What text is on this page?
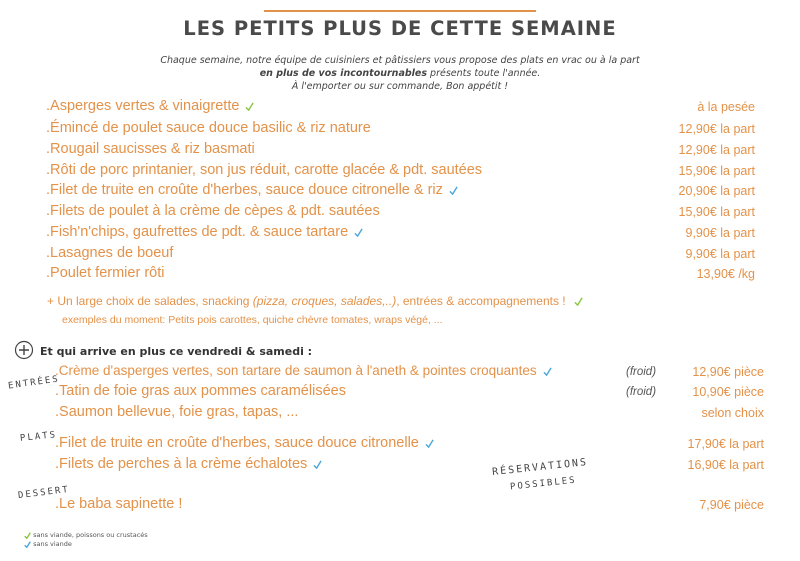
LES PETITS PLUS DE CETTE SEMAINE
Chaque semaine, notre équipe de cuisiniers et pâtissiers vous propose des plats en vrac ou à la part
en plus de vos incontournables présents toute l'année.
À l'emporter ou sur commande, Bon appétit !
.Asperges vertes & vinaigrette	à la pesée
.Émincé de poulet sauce douce basilic & riz nature	12,90€ la part
.Rougail saucisses & riz basmati	12,90€ la part
.Rôti de porc printanier, son jus réduit, carotte glacée & pdt. sautées	15,90€ la part
.Filet de truite en croûte d'herbes, sauce douce citronelle & riz	20,90€ la part
.Filets de poulet à la crème de cèpes & pdt. sautées	15,90€ la part
.Fish'n'chips, gaufrettes de pdt. & sauce tartare	9,90€ la part
.Lasagnes de boeuf	9,90€ la part
.Poulet fermier rôti	13,90€ /kg
+ Un large choix de salades, snacking (pizza, croques, salades,..), entrées & accompagnements !
exemples du moment: Petits pois carottes, quiche chèvre tomates, wraps végé, ...
Et qui arrive en plus ce vendredi & samedi :
ENTRÉES
PLATS
DESSERT
RÉSERVATIONS
POSSIBLES
.Crème d'asperges vertes, son tartare de saumon à l'aneth & pointes croquantes	(froid)	12,90€ pièce
.Tatin de foie gras aux pommes caramélisées	(froid)	10,90€ pièce
.Saumon bellevue, foie gras, tapas, ...	selon choix
.Filet de truite en croûte d'herbes, sauce douce citronelle	17,90€ la part
.Filets de perches à la crème échalotes	16,90€ la part
.Le baba sapinette !	7,90€ pièce
sans viande, poissons ou crustacés
sans viande
